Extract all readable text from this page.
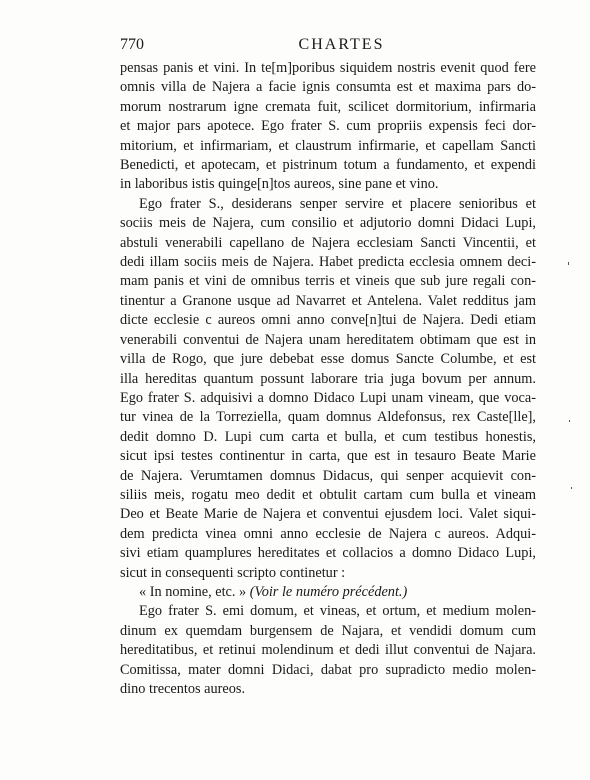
770	CHARTES
pensas panis et vini. In te[m]poribus siquidem nostris evenit quod fere
omnis villa de Najera a facie ignis consumta est et maxima pars do-
morum nostrarum igne cremata fuit, scilicet dormitorium, infirmaria
et major pars apotece. Ego frater S. cum propriis expensis feci dor-
mitorium, et infirmariam, et claustrum infirmarie, et capellam Sancti
Benedicti, et apotecam, et pistrinum totum a fundamento, et expendi
in laboribus istis quinge[n]tos aureos, sine pane et vino.
Ego frater S., desiderans senper servire et placere senioribus et
sociis meis de Najera, cum consilio et adjutorio domni Didaci Lupi,
abstuli venerabili capellano de Najera ecclesiam Sancti Vincentii, et
dedi illam sociis meis de Najera. Habet predicta ecclesia omnem deci-
mam panis et vini de omnibus terris et vineis que sub jure regali con-
tinentur a Granone usque ad Navarret et Antelena. Valet redditus jam
dicte ecclesie c aureos omni anno conve[n]tui de Najera. Dedi etiam
venerabili conventui de Najera unam hereditatem obtimam que est in
villa de Rogo, que jure debebat esse domus Sancte Columbe, et est
illa hereditas quantum possunt laborare tria juga bovum per annum.
Ego frater S. adquisivi a domno Didaco Lupi unam vineam, que voca-
tur vinea de la Torreziella, quam domnus Aldefonsus, rex Caste[lle],
dedit domno D. Lupi cum carta et bulla, et cum testibus honestis,
sicut ipsi testes continentur in carta, que est in tesauro Beate Marie
de Najera. Verumtamen domnus Didacus, qui senper acquievit con-
siliis meis, rogatu meo dedit et obtulit cartam cum bulla et vineam
Deo et Beate Marie de Najera et conventui ejusdem loci. Valet siqui-
dem predicta vinea omni anno ecclesie de Najera c aureos. Adqui-
sivi etiam quamplures hereditates et collacios a domno Didaco Lupi,
sicut in consequenti scripto continetur :
« In nomine, etc. » (Voir le numéro précédent.)
Ego frater S. emi domum, et vineas, et ortum, et medium molen-
dinum ex quemdam burgensem de Najara, et vendidi domum cum
hereditatibus, et retinui molendinum et dedi illut conventui de Najara.
Comitissa, mater domni Didaci, dabat pro supradicto medio molen-
dino trecentos aureos.
